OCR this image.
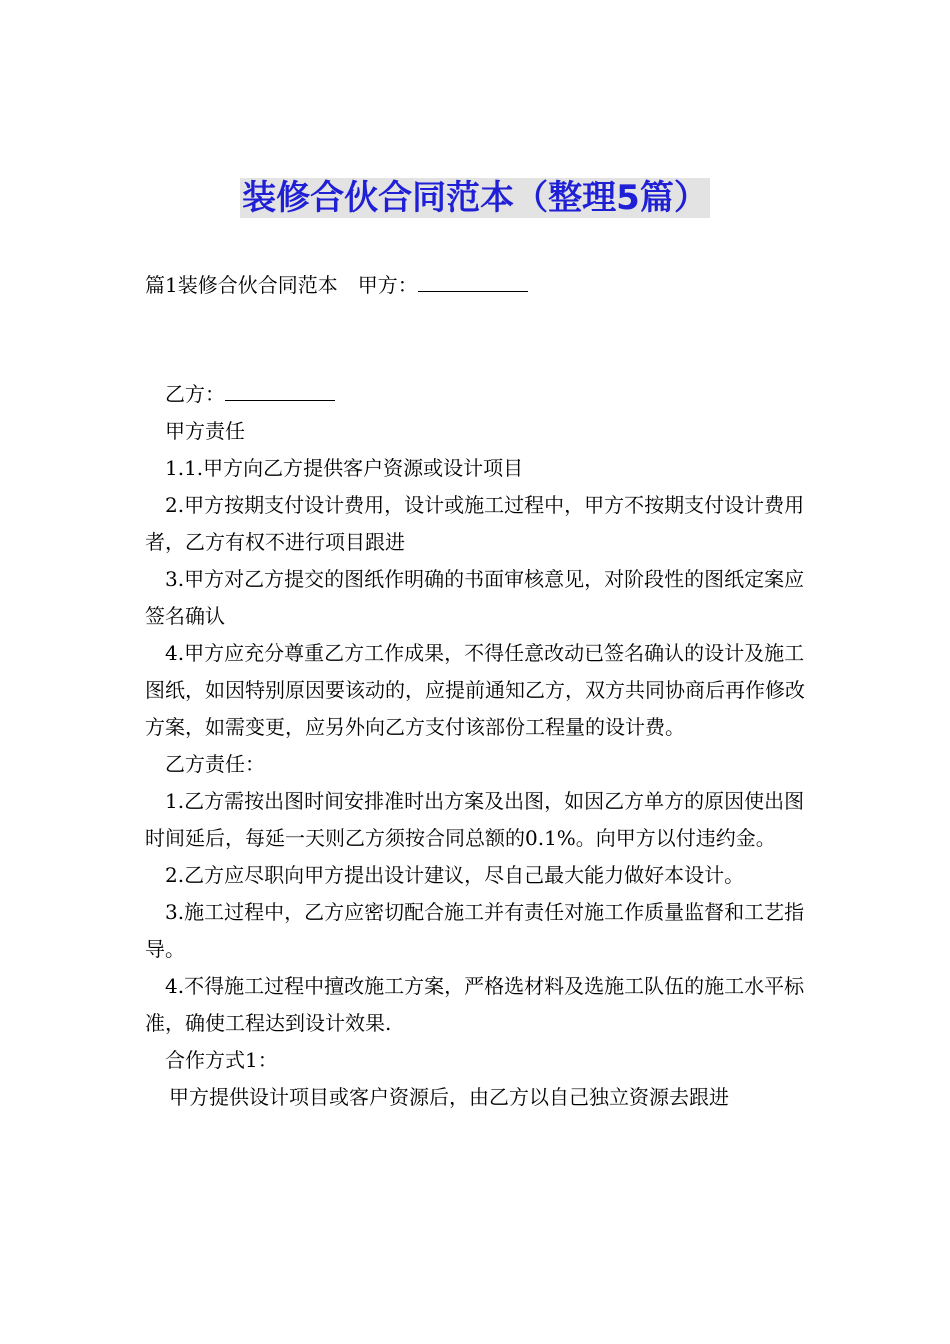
装修合伙合同范本（整理5篇）

篇1装修合伙合同范本　甲方：

乙方：

甲方责任

1.1.甲方向乙方提供客户资源或设计项目

2.甲方按期支付设计费用，设计或施工过程中，甲方不按期支付设计费用者，乙方有权不进行项目跟进

3.甲方对乙方提交的图纸作明确的书面审核意见，对阶段性的图纸定案应签名确认

4.甲方应充分尊重乙方工作成果，不得任意改动已签名确认的设计及施工图纸，如因特别原因要该动的，应提前通知乙方，双方共同协商后再作修改方案，如需变更，应另外向乙方支付该部份工程量的设计费。

乙方责任：

1.乙方需按出图时间安排准时出方案及出图，如因乙方单方的原因使出图时间延后，每延一天则乙方须按合同总额的0.1%。向甲方以付违约金。

2.乙方应尽职向甲方提出设计建议，尽自己最大能力做好本设计。

3.施工过程中，乙方应密切配合施工并有责任对施工作质量监督和工艺指导。

4.不得施工过程中擅改施工方案，严格选材料及选施工队伍的施工水平标准，确使工程达到设计效果.

合作方式1：

甲方提供设计项目或客户资源后，由乙方以自己独立资源去跟进
